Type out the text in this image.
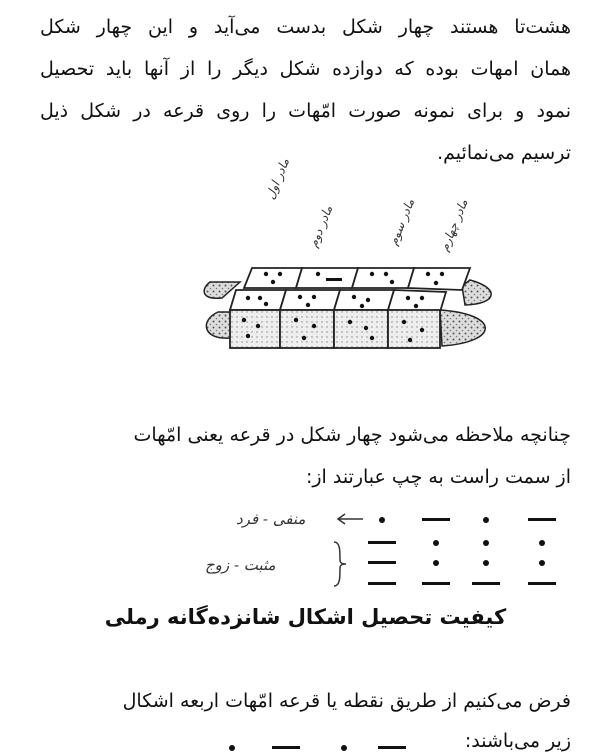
هشت‌تا هستند چهار شکل بدست می‌آید و این چهار شکل
همان امهات بوده که دوازده شکل دیگر را از آنها باید تحصیل
نمود و برای نمونه صورت امّهات را روی قرعه در شکل ذیل
ترسیم می‌نمائیم.
مادر اول
مادر دوم	مادر سوم مادر چهارم
چنانچه ملاحظه می‌شود چهار شکل در قرعه یعنی امّهات
از سمت راست به چپ عبارتند از:
منفی - فرد
مثبت - زوج
کیفیت تحصیل اشکال شانزده‌گانه رملی
فرض می‌کنیم از طریق نقطه یا قرعه امّهات اربعه اشکال
زیر می‌باشند:
